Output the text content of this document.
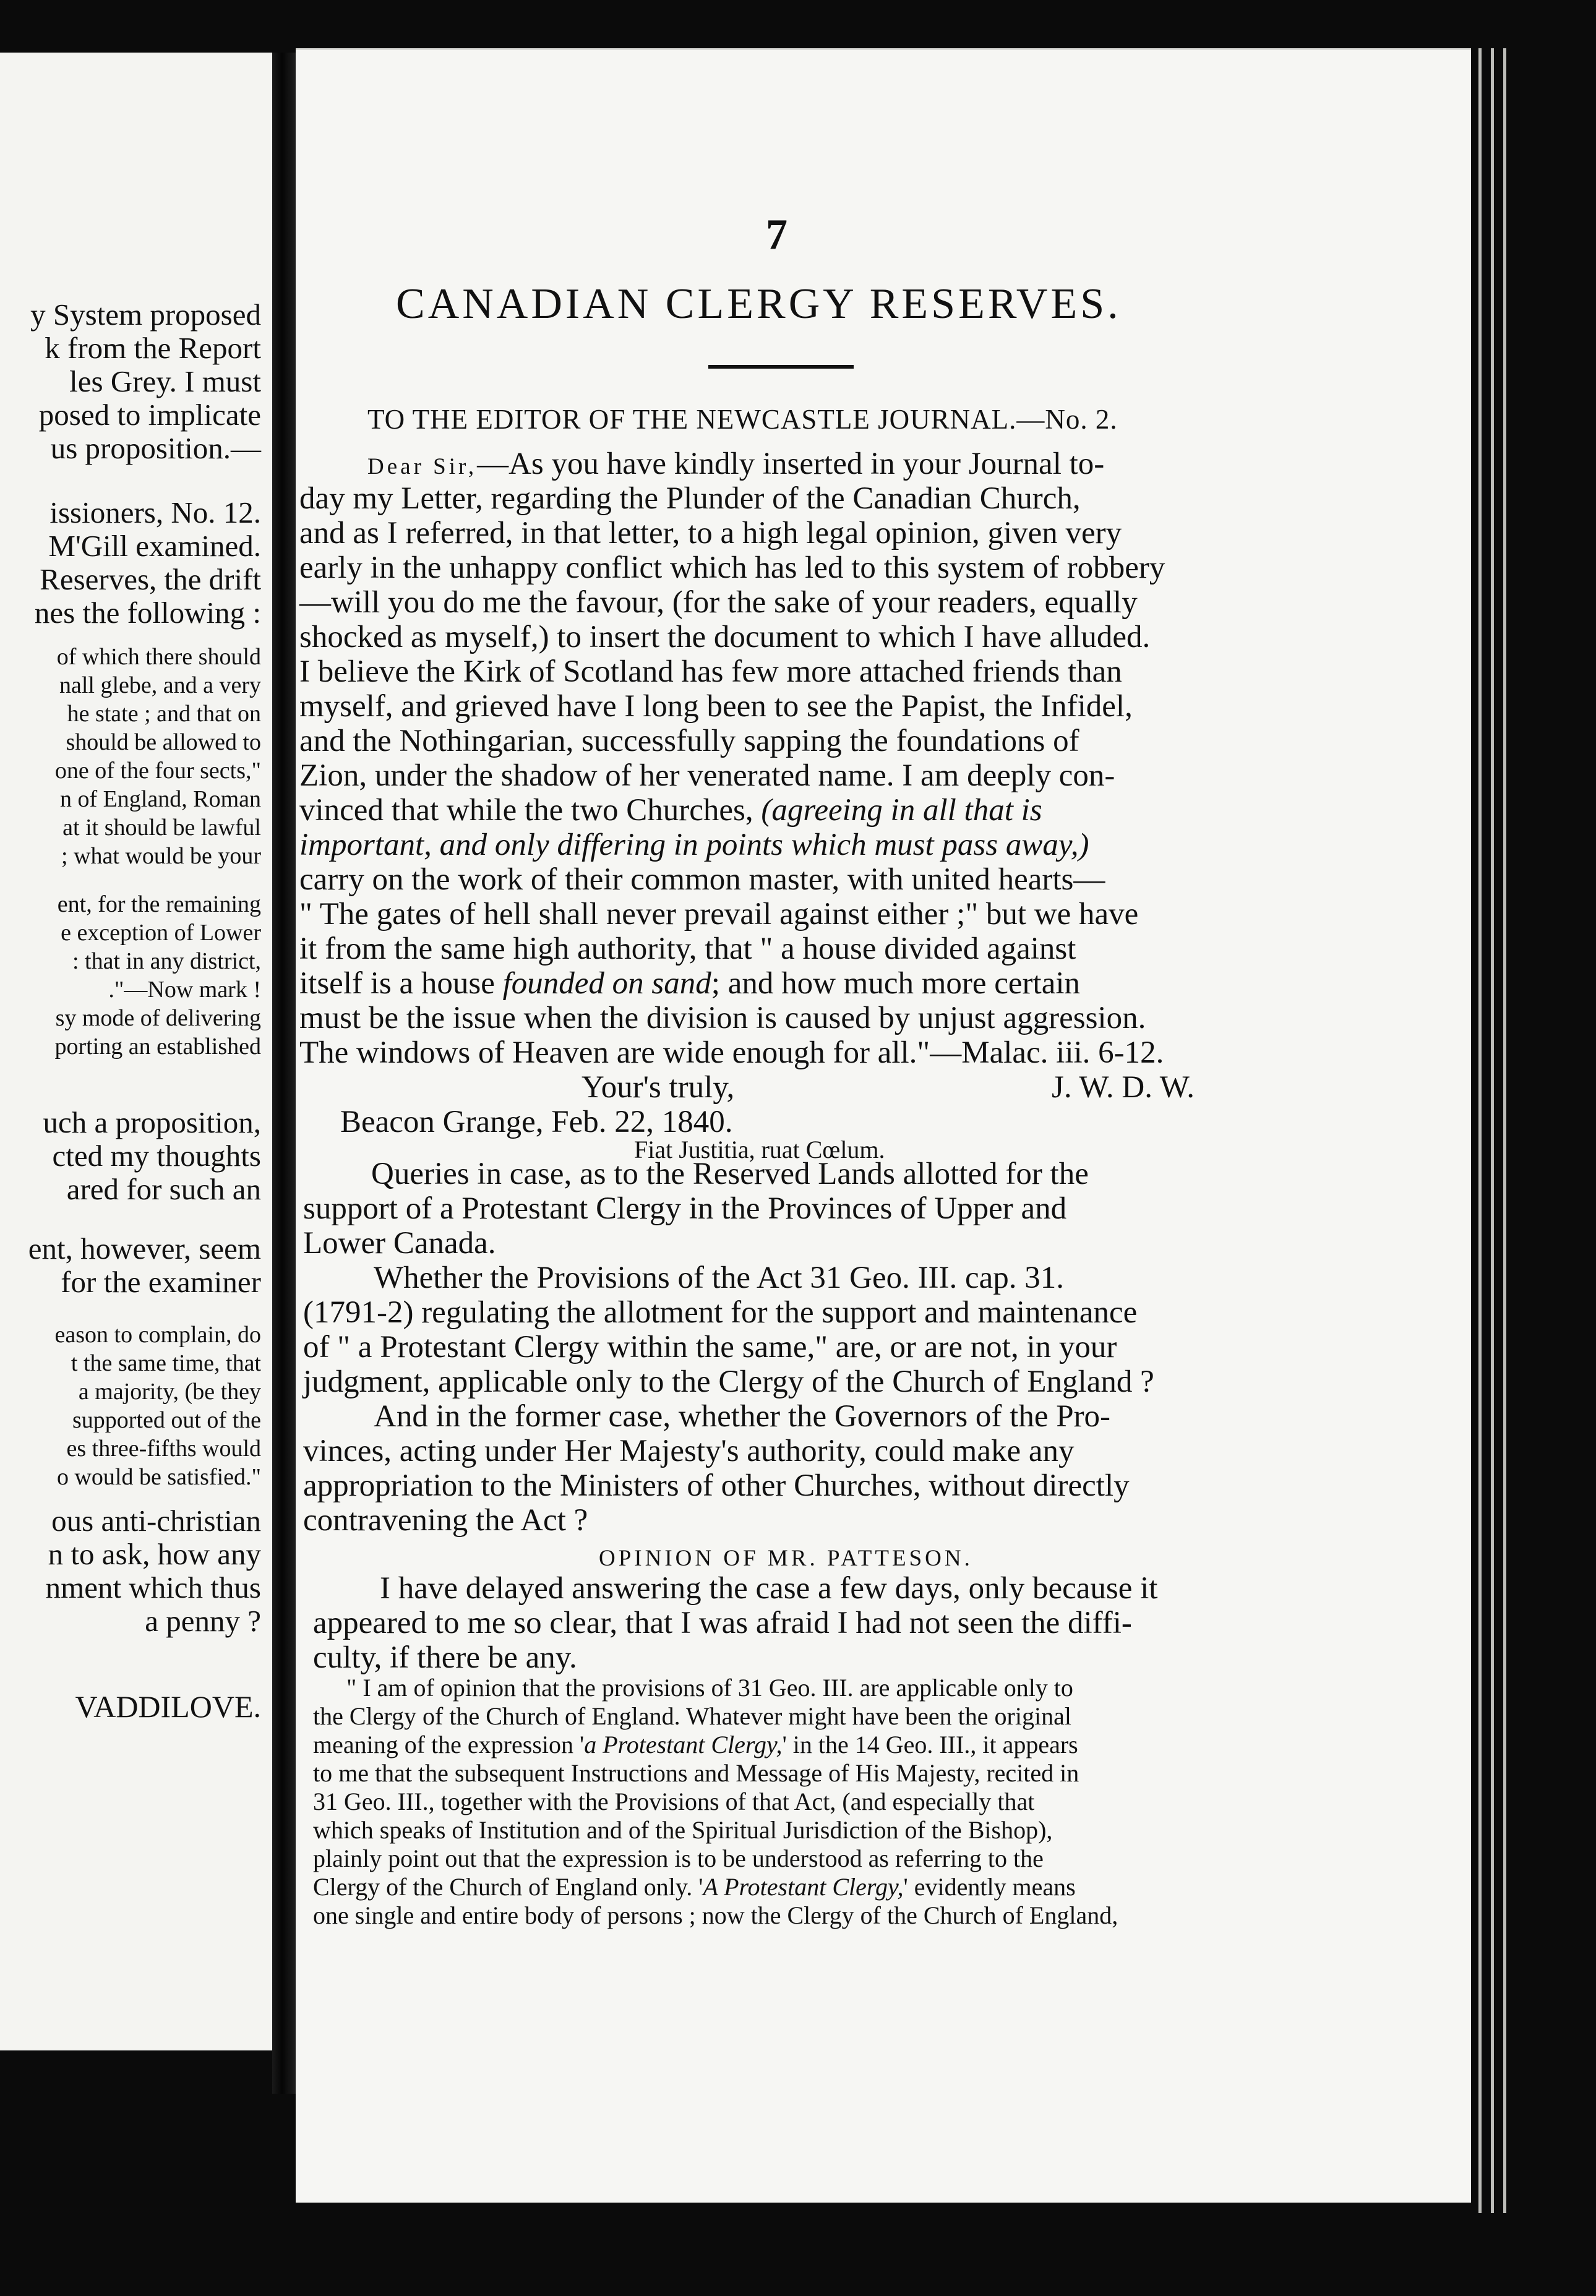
y System proposed
k from the Report
les Grey. I must
posed to implicate
us proposition.—
issioners, No. 12.
M'Gill examined.
Reserves, the drift
nes the following :
of which there should
nall glebe, and a very
he state ; and that on
should be allowed to
one of the four sects,"
n of England, Roman
at it should be lawful
; what would be your
ent, for the remaining
e exception of Lower
: that in any district,
."—Now mark !
sy mode of delivering
porting an established
uch a proposition,
cted my thoughts
ared for such an
ent, however, seem
for the examiner
eason to complain, do
t the same time, that
a majority, (be they
supported out of the
es three-fifths would
o would be satisfied."
ous anti-christian
n to ask, how any
nment which thus
a penny ?
VADDILOVE.
7
CANADIAN CLERGY RESERVES.
TO THE EDITOR OF THE NEWCASTLE JOURNAL.—No. 2.
Dear Sir,—As you have kindly inserted in your Journal to-
day my Letter, regarding the Plunder of the Canadian Church,
and as I referred, in that letter, to a high legal opinion, given very
early in the unhappy conflict which has led to this system of robbery
—will you do me the favour, (for the sake of your readers, equally
shocked as myself,) to insert the document to which I have alluded.
I believe the Kirk of Scotland has few more attached friends than
myself, and grieved have I long been to see the Papist, the Infidel,
and the Nothingarian, successfully sapping the foundations of
Zion, under the shadow of her venerated name. I am deeply con-
vinced that while the two Churches, (agreeing in all that is
important, and only differing in points which must pass away,)
carry on the work of their common master, with united hearts—
" The gates of hell shall never prevail against either ;" but we have
it from the same high authority, that " a house divided against
itself is a house founded on sand; and how much more certain
must be the issue when the division is caused by unjust aggression.
The windows of Heaven are wide enough for all."—Malac. iii. 6-12.
Your's truly,	J. W. D. W.
Beacon Grange, Feb. 22, 1840.
Fiat Justitia, ruat Cœlum.
Queries in case, as to the Reserved Lands allotted for the
support of a Protestant Clergy in the Provinces of Upper and
Lower Canada.
Whether the Provisions of the Act 31 Geo. III. cap. 31.
(1791-2) regulating the allotment for the support and maintenance
of " a Protestant Clergy within the same," are, or are not, in your
judgment, applicable only to the Clergy of the Church of England ?
And in the former case, whether the Governors of the Pro-
vinces, acting under Her Majesty's authority, could make any
appropriation to the Ministers of other Churches, without directly
contravening the Act ?
OPINION OF MR. PATTESON.
I have delayed answering the case a few days, only because it
appeared to me so clear, that I was afraid I had not seen the diffi-
culty, if there be any.
" I am of opinion that the provisions of 31 Geo. III. are applicable only to
the Clergy of the Church of England. Whatever might have been the original
meaning of the expression 'a Protestant Clergy,' in the 14 Geo. III., it appears
to me that the subsequent Instructions and Message of His Majesty, recited in
31 Geo. III., together with the Provisions of that Act, (and especially that
which speaks of Institution and of the Spiritual Jurisdiction of the Bishop),
plainly point out that the expression is to be understood as referring to the
Clergy of the Church of England only. 'A Protestant Clergy,' evidently means
one single and entire body of persons ; now the Clergy of the Church of England,
